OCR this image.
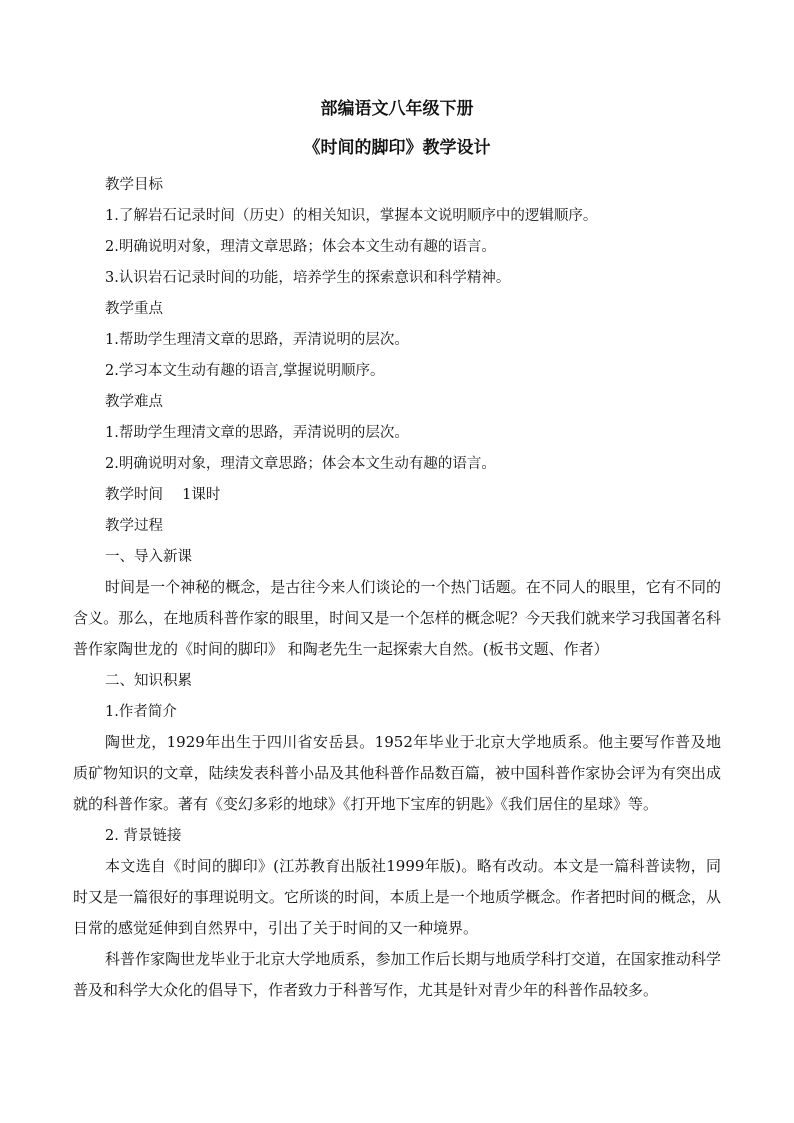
部编语文八年级下册
《时间的脚印》教学设计
教学目标
1.了解岩石记录时间（历史）的相关知识，掌握本文说明顺序中的逻辑顺序。
2.明确说明对象，理清文章思路；体会本文生动有趣的语言。
3.认识岩石记录时间的功能，培养学生的探索意识和科学精神。
教学重点
1.帮助学生理清文章的思路，弄清说明的层次。
2.学习本文生动有趣的语言,掌握说明顺序。
教学难点
1.帮助学生理清文章的思路，弄清说明的层次。
2.明确说明对象，理清文章思路；体会本文生动有趣的语言。
教学时间　 1课时
教学过程
一、导入新课

时间是一个神秘的概念，是古往今来人们谈论的一个热门话题。在不同人的眼里，它有不同的含义。那么，在地质科普作家的眼里，时间又是一个怎样的概念呢？今天我们就来学习我国著名科普作家陶世龙的《时间的脚印》 和陶老先生一起探索大自然。(板书文题、作者）

二、知识积累
1.作者简介

陶世龙，1929年出生于四川省安岳县。1952年毕业于北京大学地质系。他主要写作普及地质矿物知识的文章，陆续发表科普小品及其他科普作品数百篇，被中国科普作家协会评为有突出成就的科普作家。著有《变幻多彩的地球》《打开地下宝库的钥匙》《我们居住的星球》等。

2. 背景链接

本文选自《时间的脚印》(江苏教育出版社1999年版)。略有改动。本文是一篇科普读物，同时又是一篇很好的事理说明文。它所谈的时间，本质上是一个地质学概念。作者把时间的概念，从日常的感觉延伸到自然界中，引出了关于时间的又一种境界。

科普作家陶世龙毕业于北京大学地质系，参加工作后长期与地质学科打交道，在国家推动科学普及和科学大众化的倡导下，作者致力于科普写作，尤其是针对青少年的科普作品较多。
